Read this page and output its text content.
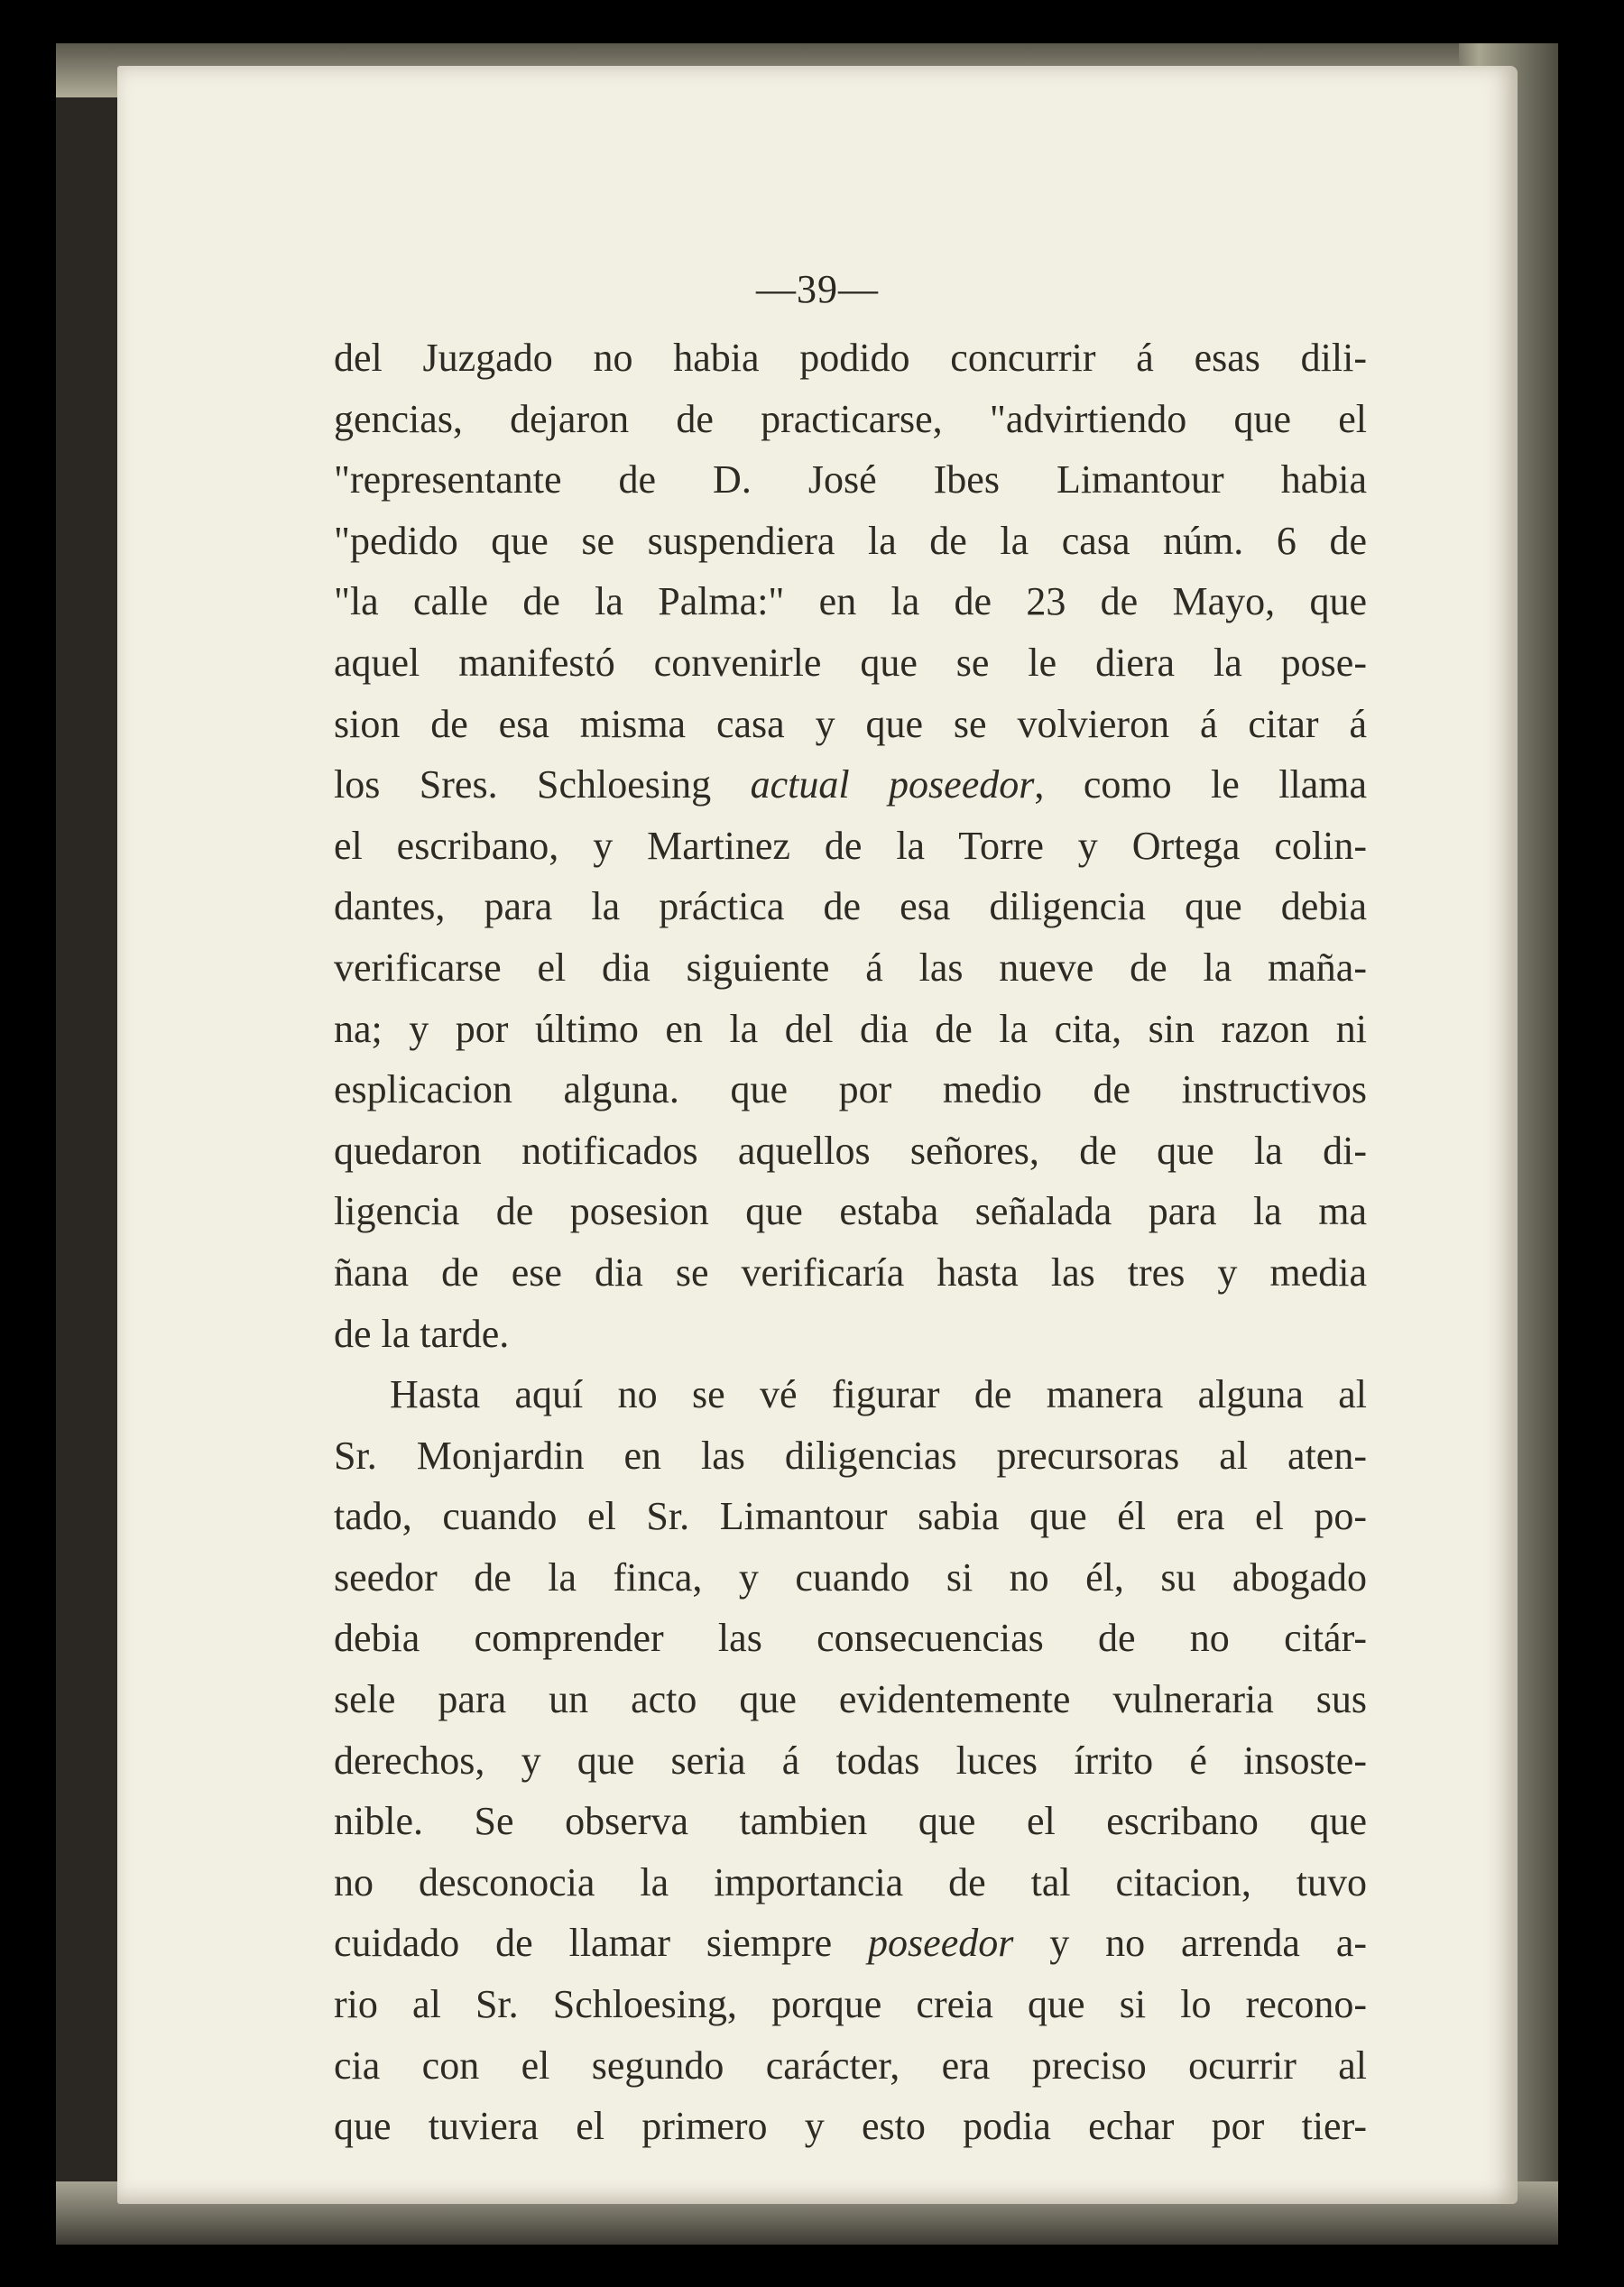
—39—
del Juzgado no habia podido concurrir á esas dili-
gencias, dejaron de practicarse, "advirtiendo que el
"representante de D. José Ibes Limantour habia
"pedido que se suspendiera la de la casa núm. 6 de
"la calle de la Palma:" en la de 23 de Mayo, que
aquel manifestó convenirle que se le diera la pose-
sion de esa misma casa y que se volvieron á citar á
los Sres. Schloesing actual poseedor, como le llama
el escribano, y Martinez de la Torre y Ortega colin-
dantes, para la práctica de esa diligencia que debia
verificarse el dia siguiente á las nueve de la maña-
na; y por último en la del dia de la cita, sin razon ni
esplicacion alguna. que por medio de instructivos
quedaron notificados aquellos señores, de que la di-
ligencia de posesion que estaba señalada para la ma
ñana de ese dia se verificaría hasta las tres y media
de la tarde.
Hasta aquí no se vé figurar de manera alguna al
Sr. Monjardin en las diligencias precursoras al aten-
tado, cuando el Sr. Limantour sabia que él era el po-
seedor de la finca, y cuando si no él, su abogado
debia comprender las consecuencias de no citár-
sele para un acto que evidentemente vulneraria sus
derechos, y que seria á todas luces írrito é insoste-
nible. Se observa tambien que el escribano que
no desconocia la importancia de tal citacion, tuvo
cuidado de llamar siempre poseedor y no arrenda a-
rio al Sr. Schloesing, porque creia que si lo recono-
cia con el segundo carácter, era preciso ocurrir al
que tuviera el primero y esto podia echar por tier-
